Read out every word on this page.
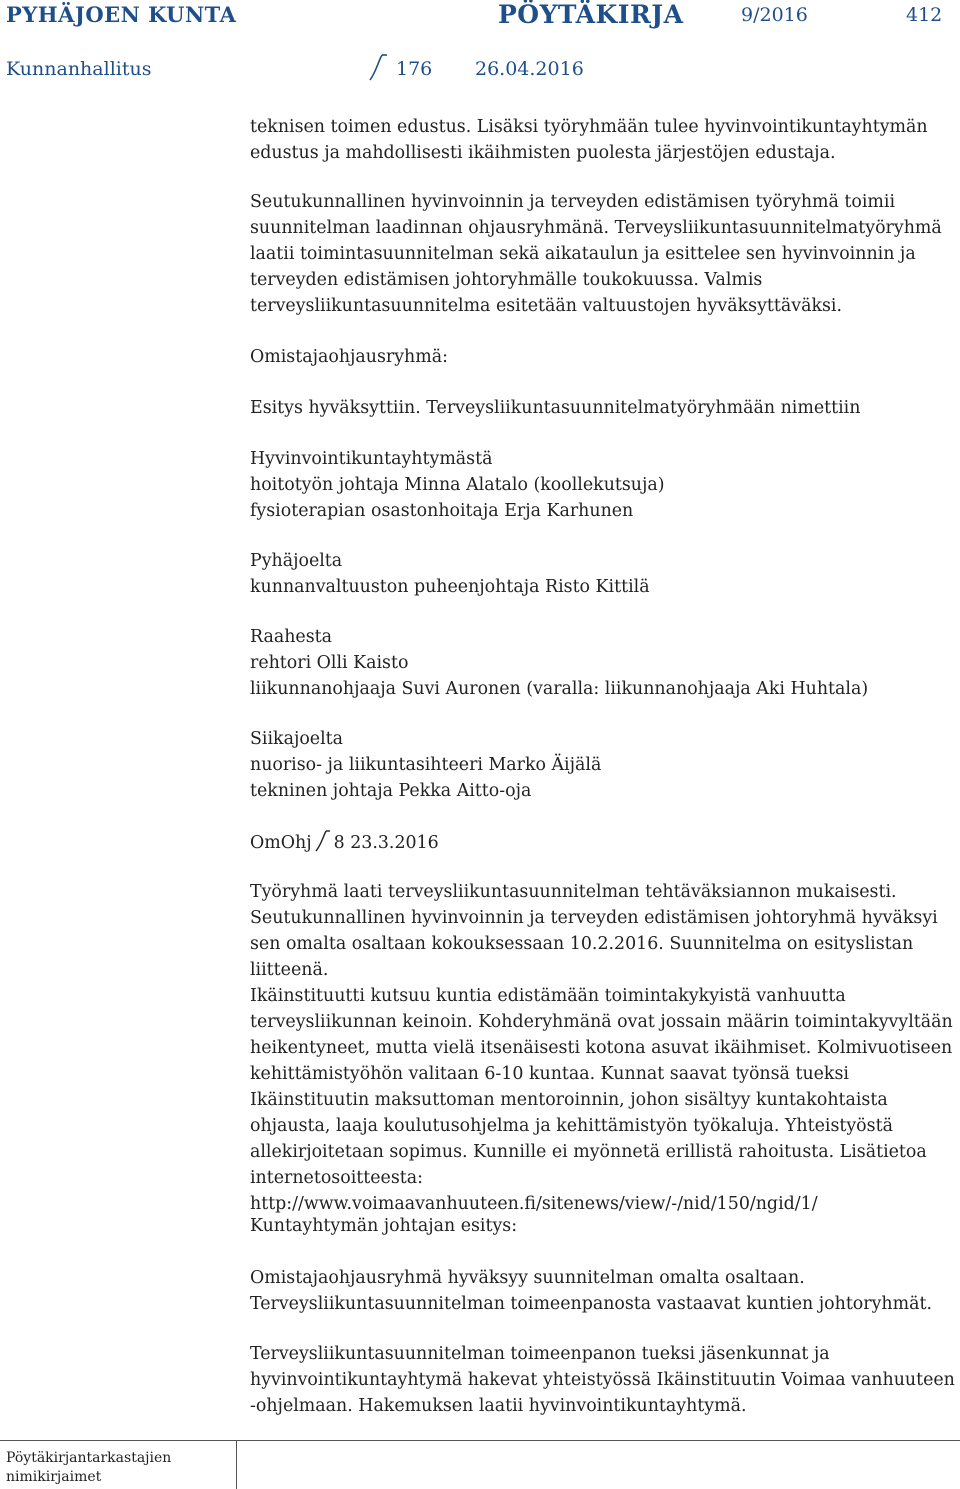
PYHÄJOEN KUNTA	PÖYTÄKIRJA	9/2016	412
Kunnanhallitus	176 26.04.2016

teknisen toimen edustus. Lisäksi työryhmään tulee hyvinvointikuntayhtymän edustus ja mahdollisesti ikäihmisten puolesta järjestöjen edustaja.

Seutukunnallinen hyvinvoinnin ja terveyden edistämisen työryhmä toimii suunnitelman laadinnan ohjausryhmänä. Terveysliikuntasuunnitelmatyöryhmä laatii toimintasuunnitelman sekä aikataulun ja esittelee sen hyvinvoinnin ja terveyden edistämisen johtoryhmälle toukokuussa. Valmis terveysliikuntasuunnitelma esitetään valtuustojen hyväksyttäväksi.

Omistajaohjausryhmä:

Esitys hyväksyttiin. Terveysliikuntasuunnitelmatyöryhmään nimettiin

Hyvinvointikuntayhtymästä

hoitotyön johtaja Minna Alatalo (koollekutsuja)

fysioterapian osastonhoitaja Erja Karhunen

Pyhäjoelta

kunnanvaltuuston puheenjohtaja Risto Kittilä

Raahesta

rehtori Olli Kaisto

liikunnanohjaaja Suvi Auronen (varalla: liikunnanohjaaja Aki Huhtala)

Siikajoelta

nuoriso- ja liikuntasihteeri Marko Äijälä

tekninen johtaja Pekka Aitto-oja

OmOhj 8 23.3.2016

Työryhmä laati terveysliikuntasuunnitelman tehtäväksiannon mukaisesti. Seutukunnallinen hyvinvoinnin ja terveyden edistämisen johtoryhmä hyväksyi sen omalta osaltaan kokouksessaan 10.2.2016. Suunnitelma on esityslistan liitteenä.

Ikäinstituutti kutsuu kuntia edistämään toimintakykyistä vanhuutta terveysliikunnan keinoin. Kohderyhmänä ovat jossain määrin toimintakyvyltään heikentyneet, mutta vielä itsenäisesti kotona asuvat ikäihmiset. Kolmivuotiseen kehittämistyöhön valitaan 6-10 kuntaa. Kunnat saavat työnsä tueksi Ikäinstituutin maksuttoman mentoroinnin, johon sisältyy kuntakohtaista ohjausta, laaja koulutusohjelma ja kehittämistyön työkaluja. Yhteistyöstä allekirjoitetaan sopimus. Kunnille ei myönnetä erillistä rahoitusta. Lisätietoa internetosoitteesta: http://www.voimaavanhuuteen.fi/sitenews/view/-/nid/150/ngid/1/

Kuntayhtymän johtajan esitys:

Omistajaohjausryhmä hyväksyy suunnitelman omalta osaltaan. Terveysliikuntasuunnitelman toimeenpanosta vastaavat kuntien johtoryhmät.

Terveysliikuntasuunnitelman toimeenpanon tueksi jäsenkunnat ja hyvinvointikuntayhtymä hakevat yhteistyössä Ikäinstituutin Voimaa vanhuuteen -ohjelmaan. Hakemuksen laatii hyvinvointikuntayhtymä.

Pöytäkirjantarkastajien
nimikirjaimet
